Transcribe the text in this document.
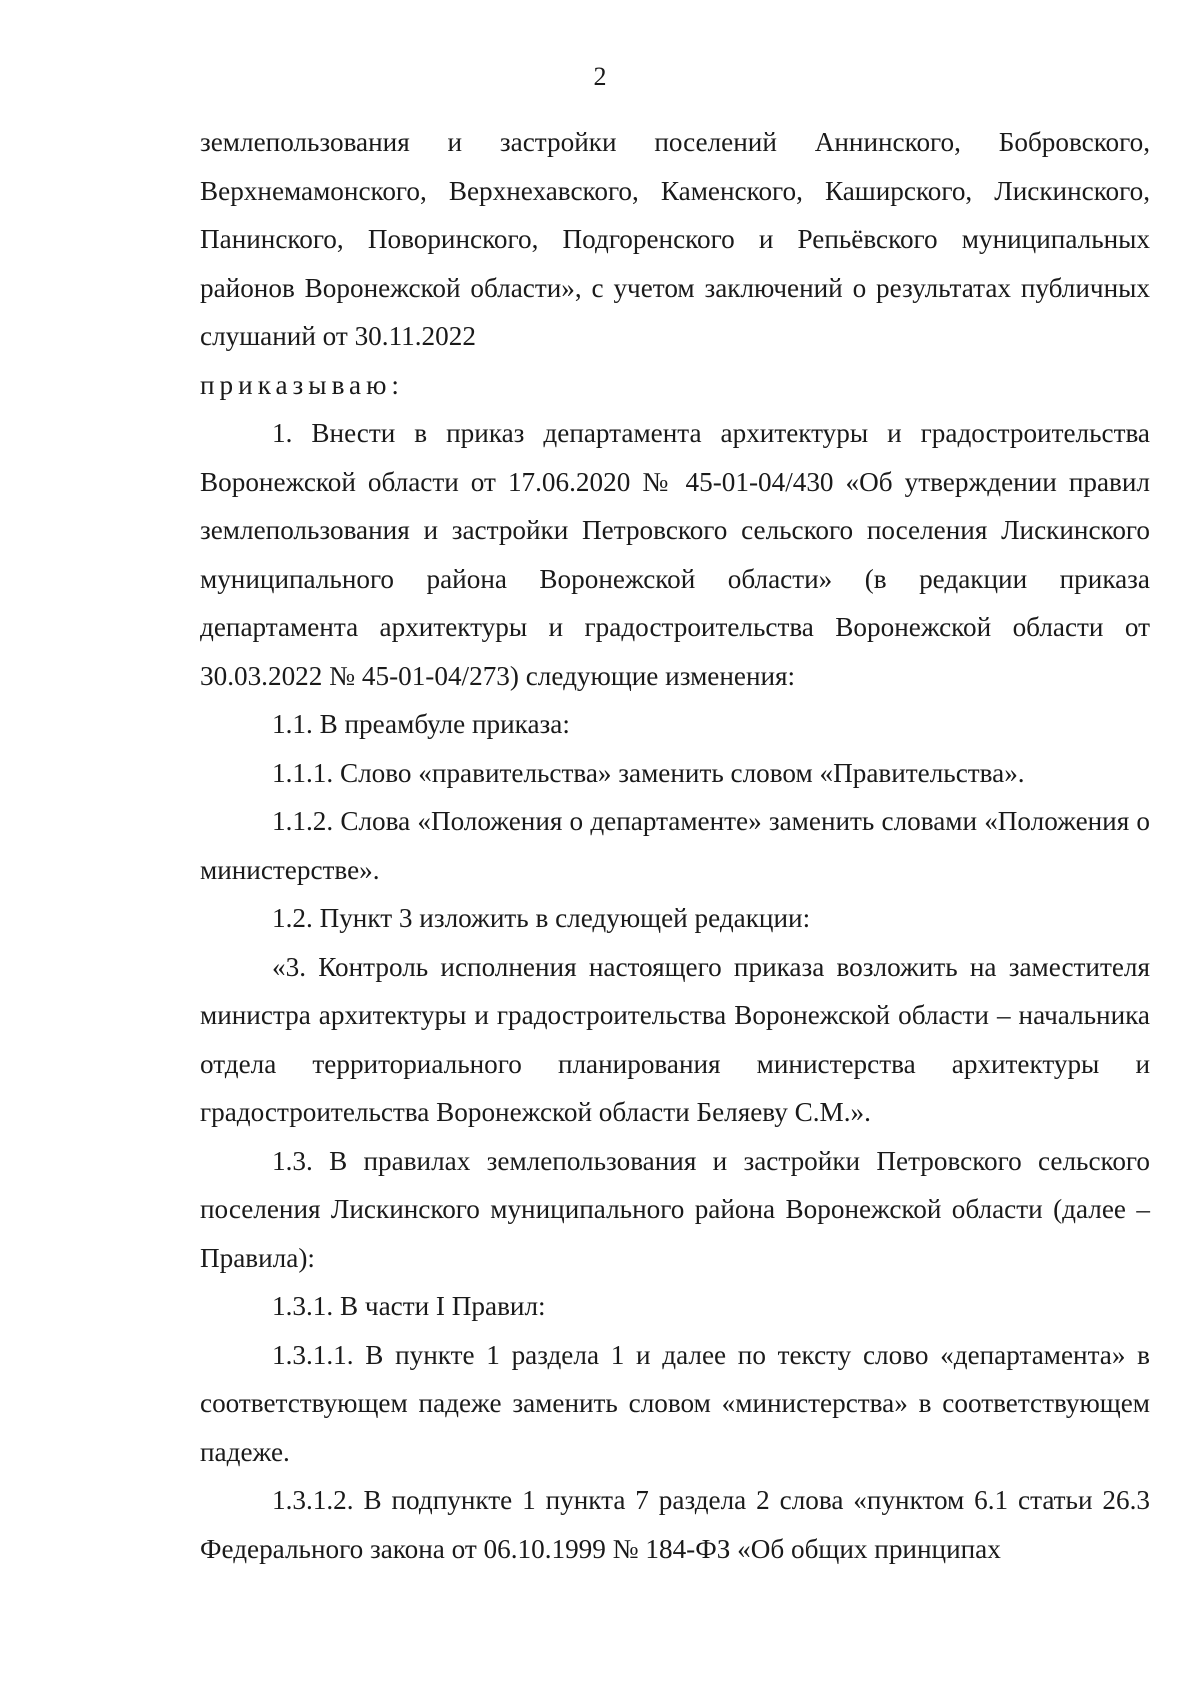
2

землепользования и застройки поселений Аннинского, Бобровского, Верхнемамонского, Верхнехавского, Каменского, Каширского, Лискинского, Панинского, Поворинского, Подгоренского и Репьёвского муниципальных районов Воронежской области», с учетом заключений о результатах публичных слушаний от 30.11.2022

приказываю:

1. Внести в приказ департамента архитектуры и градостроительства Воронежской области от 17.06.2020 № 45-01-04/430 «Об утверждении правил землепользования и застройки Петровского сельского поселения Лискинского муниципального района Воронежской области» (в редакции приказа департамента архитектуры и градостроительства Воронежской области от 30.03.2022 № 45-01-04/273) следующие изменения:

1.1. В преамбуле приказа:

1.1.1. Слово «правительства» заменить словом «Правительства».

1.1.2. Слова «Положения о департаменте» заменить словами «Положения о министерстве».

1.2. Пункт 3 изложить в следующей редакции:

«3. Контроль исполнения настоящего приказа возложить на заместителя министра архитектуры и градостроительства Воронежской области – начальника отдела территориального планирования министерства архитектуры и градостроительства Воронежской области Беляеву С.М.».

1.3. В правилах землепользования и застройки Петровского сельского поселения Лискинского муниципального района Воронежской области (далее – Правила):

1.3.1. В части I Правил:

1.3.1.1. В пункте 1 раздела 1 и далее по тексту слово «департамента» в соответствующем падеже заменить словом «министерства» в соответствующем падеже.

1.3.1.2. В подпункте 1 пункта 7 раздела 2 слова «пунктом 6.1 статьи 26.3 Федерального закона от 06.10.1999 № 184-ФЗ «Об общих принципах
